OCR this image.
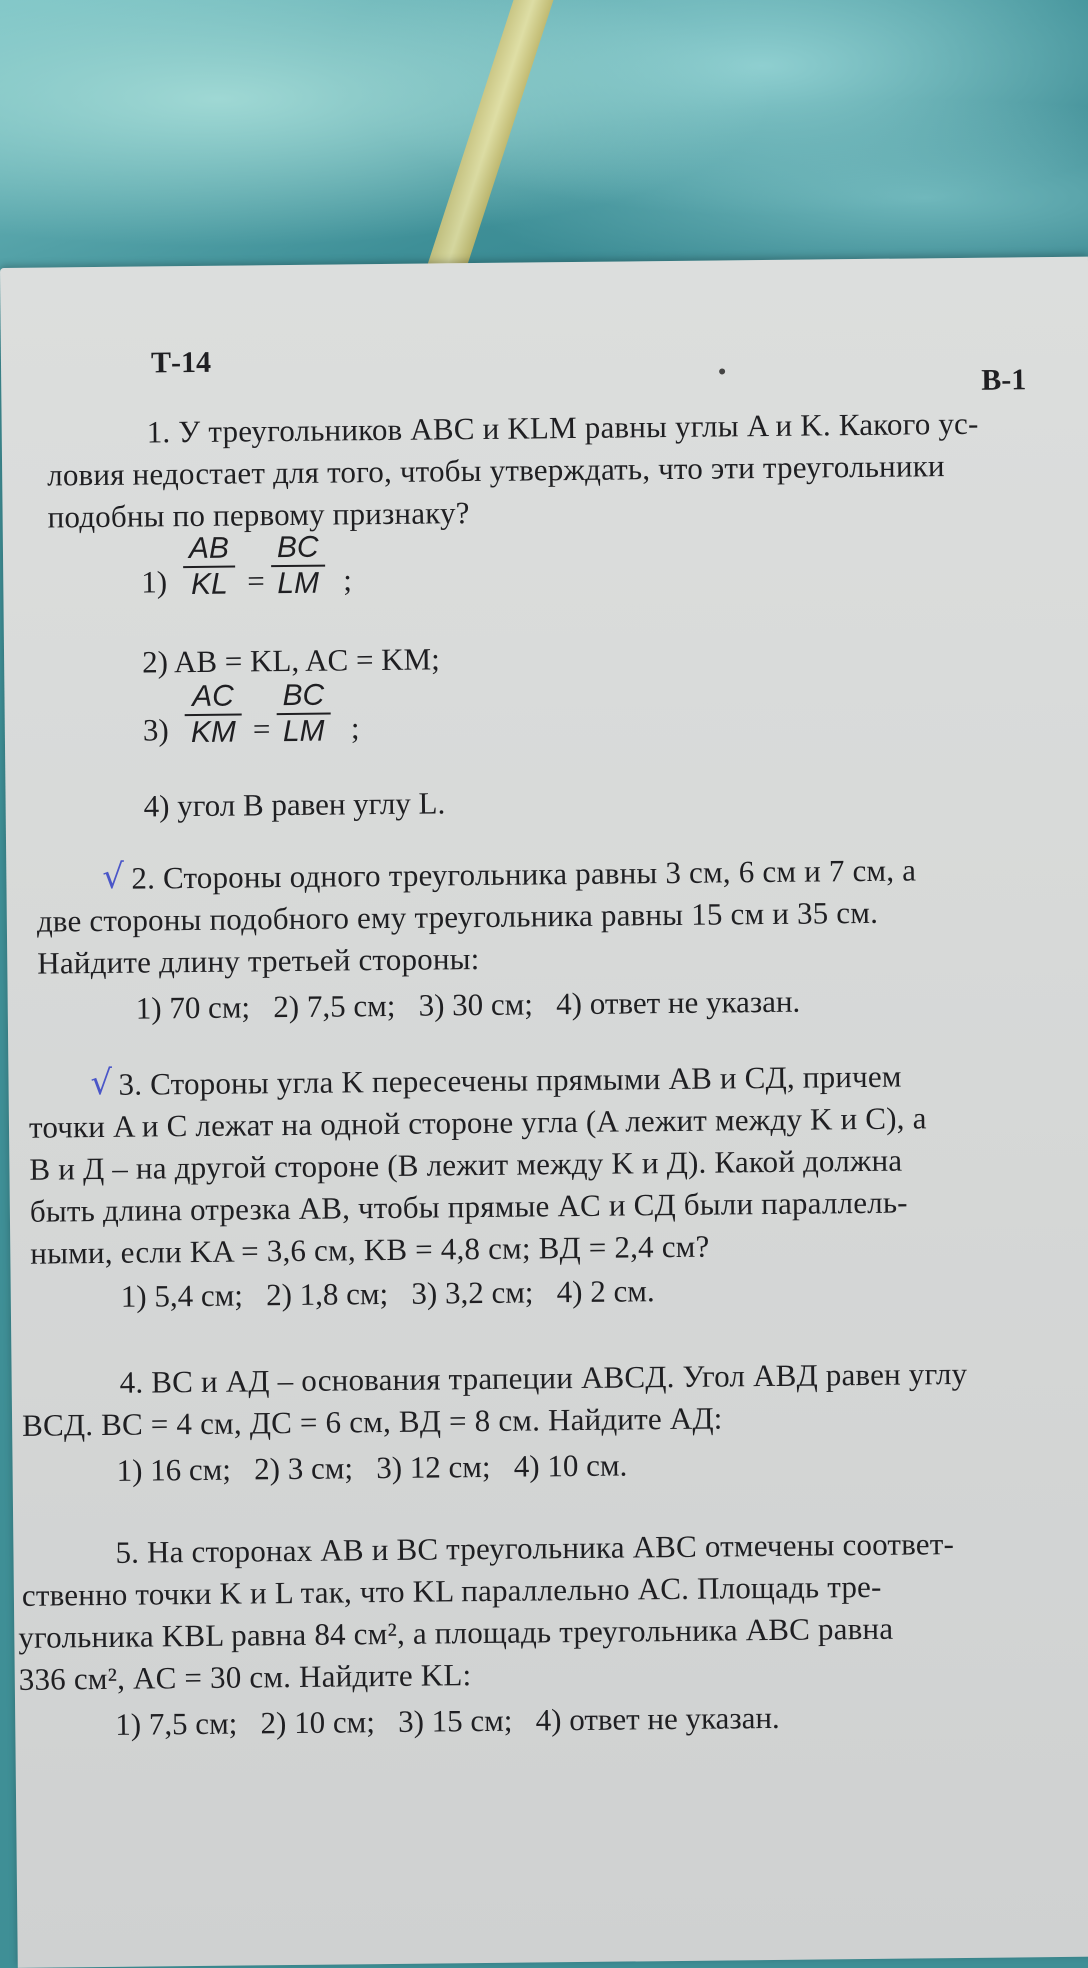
Т-14
В-1
1. У треугольников ABC и KLM равны углы A и K. Какого ус-
ловия недостает для того, чтобы утверждать, что эти треугольники
подобны по первому признаку?
$1) \frac{AB}{KL} = \frac{BC}{LM}$ ;
2) AB = KL, AC = KM;
$3) \frac{AC}{KM} = \frac{BC}{LM}$ ;
4) угол B равен углу L.
√ 2. Стороны одного треугольника равны 3 см, 6 см и 7 см, а
две стороны подобного ему треугольника равны 15 см и 35 см.
Найдите длину третьей стороны:
1) 70 см;   2) 7,5 см;   3) 30 см;   4) ответ не указан.
√ 3. Стороны угла K пересечены прямыми AB и CД, причем
точки A и C лежат на одной стороне угла (A лежит между K и C), а
B и Д – на другой стороне (B лежит между K и Д). Какой должна
быть длина отрезка AB, чтобы прямые AC и CД были параллель-
ными, если KA = 3,6 см, KB = 4,8 см; BД = 2,4 см?
1) 5,4 см;   2) 1,8 см;   3) 3,2 см;   4) 2 см.
4. BC и AД – основания трапеции ABCД. Угол ABД равен углу
BCД. BC = 4 см, ДC = 6 см, BД = 8 см. Найдите AД:
1) 16 см;   2) 3 см;   3) 12 см;   4) 10 см.
5. На сторонах AB и BC треугольника ABC отмечены соответ-
ственно точки K и L так, что KL параллельно AC. Площадь тре-
угольника KBL равна 84 см², а площадь треугольника ABC равна
336 см², AC = 30 см. Найдите KL:
1) 7,5 см;   2) 10 см;   3) 15 см;   4) ответ не указан.
